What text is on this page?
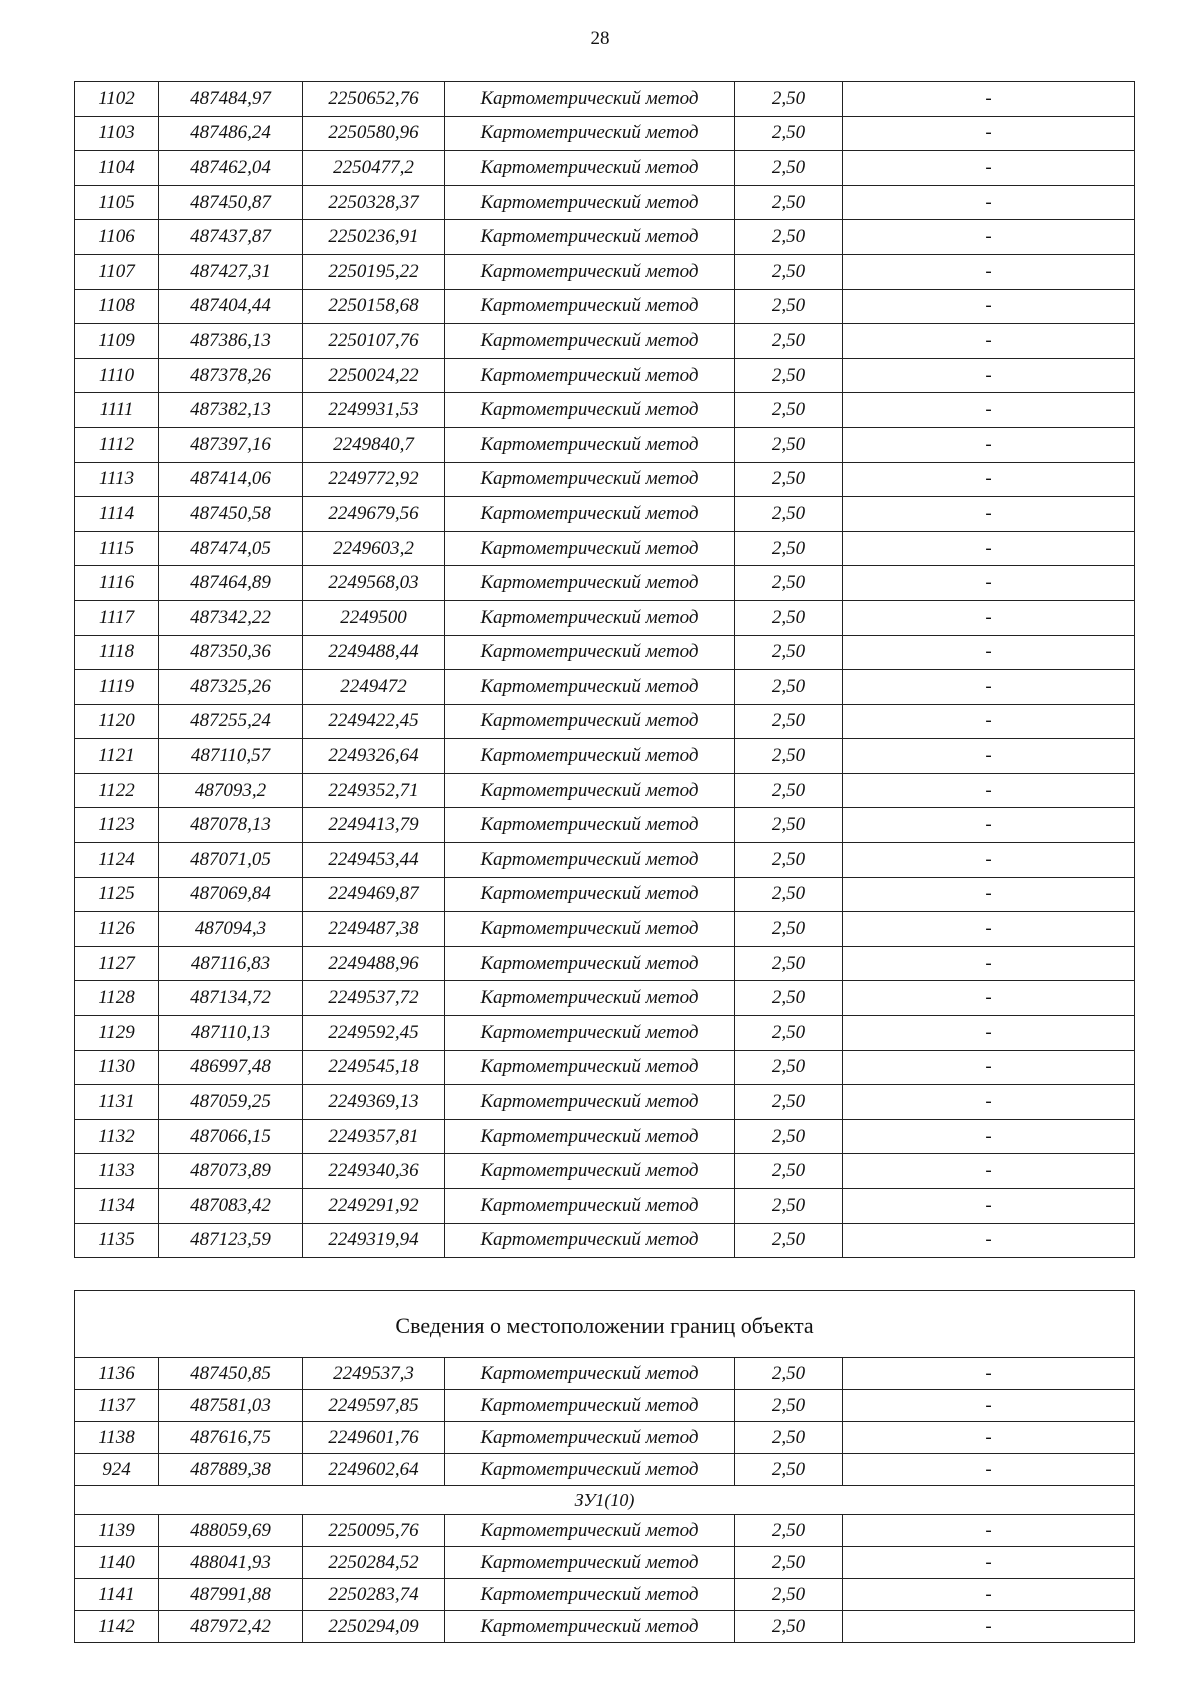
28
1102	487484,97	2250652,76	Картометрический метод	2,50	-
1103	487486,24	2250580,96	Картометрический метод	2,50	-
1104	487462,04	2250477,2	Картометрический метод	2,50	-
1105	487450,87	2250328,37	Картометрический метод	2,50	-
1106	487437,87	2250236,91	Картометрический метод	2,50	-
1107	487427,31	2250195,22	Картометрический метод	2,50	-
1108	487404,44	2250158,68	Картометрический метод	2,50	-
1109	487386,13	2250107,76	Картометрический метод	2,50	-
1110	487378,26	2250024,22	Картометрический метод	2,50	-
1111	487382,13	2249931,53	Картометрический метод	2,50	-
1112	487397,16	2249840,7	Картометрический метод	2,50	-
1113	487414,06	2249772,92	Картометрический метод	2,50	-
1114	487450,58	2249679,56	Картометрический метод	2,50	-
1115	487474,05	2249603,2	Картометрический метод	2,50	-
1116	487464,89	2249568,03	Картометрический метод	2,50	-
1117	487342,22	2249500	Картометрический метод	2,50	-
1118	487350,36	2249488,44	Картометрический метод	2,50	-
1119	487325,26	2249472	Картометрический метод	2,50	-
1120	487255,24	2249422,45	Картометрический метод	2,50	-
1121	487110,57	2249326,64	Картометрический метод	2,50	-
1122	487093,2	2249352,71	Картометрический метод	2,50	-
1123	487078,13	2249413,79	Картометрический метод	2,50	-
1124	487071,05	2249453,44	Картометрический метод	2,50	-
1125	487069,84	2249469,87	Картометрический метод	2,50	-
1126	487094,3	2249487,38	Картометрический метод	2,50	-
1127	487116,83	2249488,96	Картометрический метод	2,50	-
1128	487134,72	2249537,72	Картометрический метод	2,50	-
1129	487110,13	2249592,45	Картометрический метод	2,50	-
1130	486997,48	2249545,18	Картометрический метод	2,50	-
1131	487059,25	2249369,13	Картометрический метод	2,50	-
1132	487066,15	2249357,81	Картометрический метод	2,50	-
1133	487073,89	2249340,36	Картометрический метод	2,50	-
1134	487083,42	2249291,92	Картометрический метод	2,50	-
1135	487123,59	2249319,94	Картометрический метод	2,50	-
Сведения о местоположении границ объекта					
1136	487450,85	2249537,3	Картометрический метод	2,50	-
1137	487581,03	2249597,85	Картометрический метод	2,50	-
1138	487616,75	2249601,76	Картометрический метод	2,50	-
924	487889,38	2249602,64	Картометрический метод	2,50	-
ЗУ1(10)					
1139	488059,69	2250095,76	Картометрический метод	2,50	-
1140	488041,93	2250284,52	Картометрический метод	2,50	-
1141	487991,88	2250283,74	Картометрический метод	2,50	-
1142	487972,42	2250294,09	Картометрический метод	2,50	-
